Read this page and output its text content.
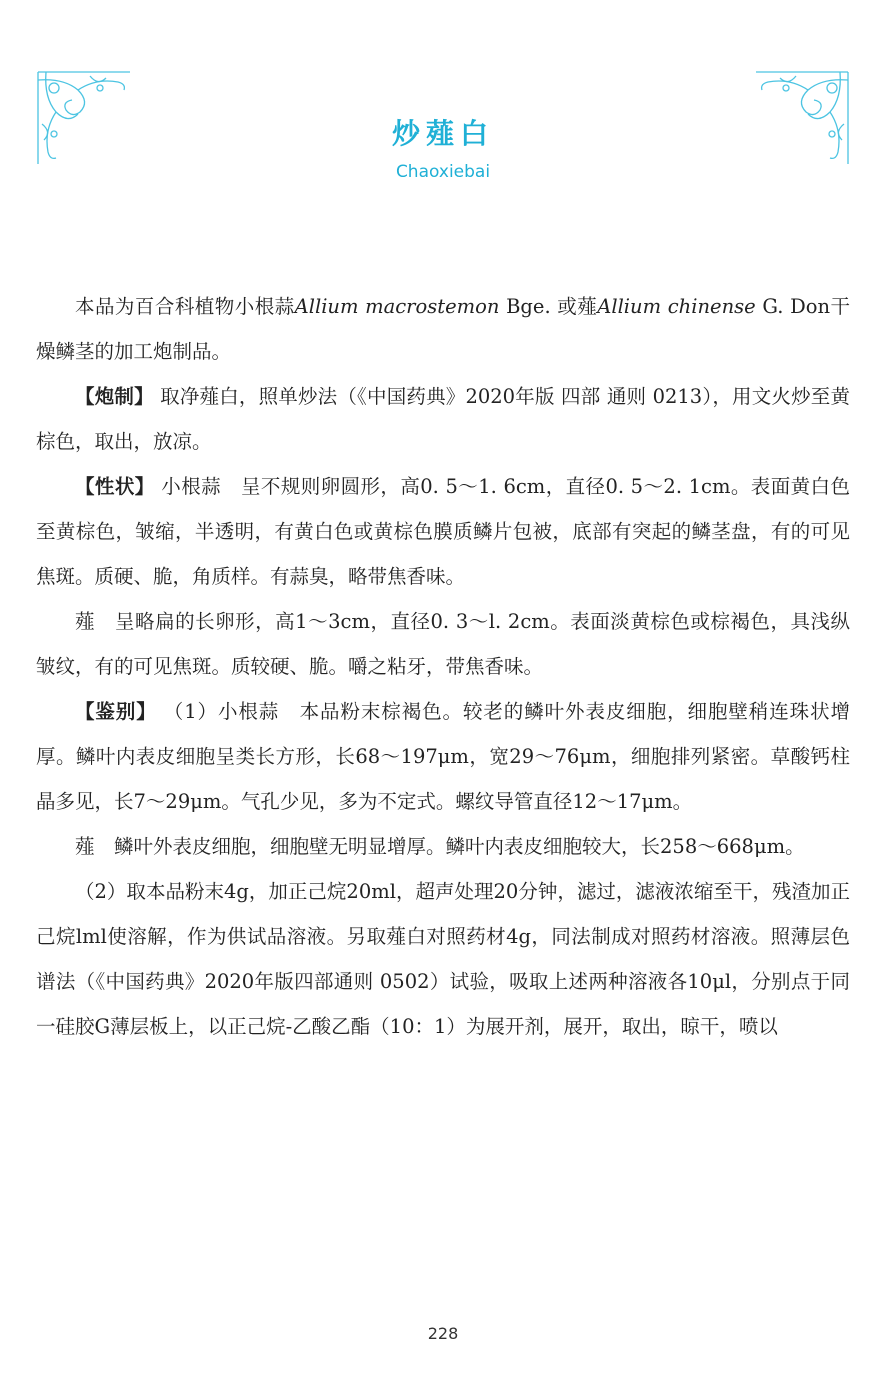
炒薤白
Chaoxiebai

本品为百合科植物小根蒜Allium macrostemon Bge. 或薤Allium chinense G. Don干燥鳞茎的加工炮制品。

【炮制】 取净薤白，照单炒法（《中国药典》2020年版 四部 通则 0213），用文火炒至黄棕色，取出，放凉。

【性状】 小根蒜　呈不规则卵圆形，高0. 5～1. 6cm，直径0. 5～2. 1cm。表面黄白色至黄棕色，皱缩，半透明，有黄白色或黄棕色膜质鳞片包被，底部有突起的鳞茎盘，有的可见焦斑。质硬、脆，角质样。有蒜臭，略带焦香味。

薤　呈略扁的长卵形，高1～3cm，直径0. 3～l. 2cm。表面淡黄棕色或棕褐色，具浅纵皱纹，有的可见焦斑。质较硬、脆。嚼之粘牙，带焦香味。

【鉴别】 （1）小根蒜　本品粉末棕褐色。较老的鳞叶外表皮细胞，细胞壁稍连珠状增厚。鳞叶内表皮细胞呈类长方形，长68～197μm，宽29～76μm，细胞排列紧密。草酸钙柱晶多见，长7～29μm。气孔少见，多为不定式。螺纹导管直径12～17μm。

薤　鳞叶外表皮细胞，细胞壁无明显增厚。鳞叶内表皮细胞较大，长258～668μm。

（2）取本品粉末4g，加正己烷20ml，超声处理20分钟，滤过，滤液浓缩至干，残渣加正己烷lml使溶解，作为供试品溶液。另取薤白对照药材4g，同法制成对照药材溶液。照薄层色谱法（《中国药典》2020年版四部通则 0502）试验，吸取上述两种溶液各10μl，分别点于同一硅胶G薄层板上，以正己烷-乙酸乙酯（10：1）为展开剂，展开，取出，晾干，喷以

228
